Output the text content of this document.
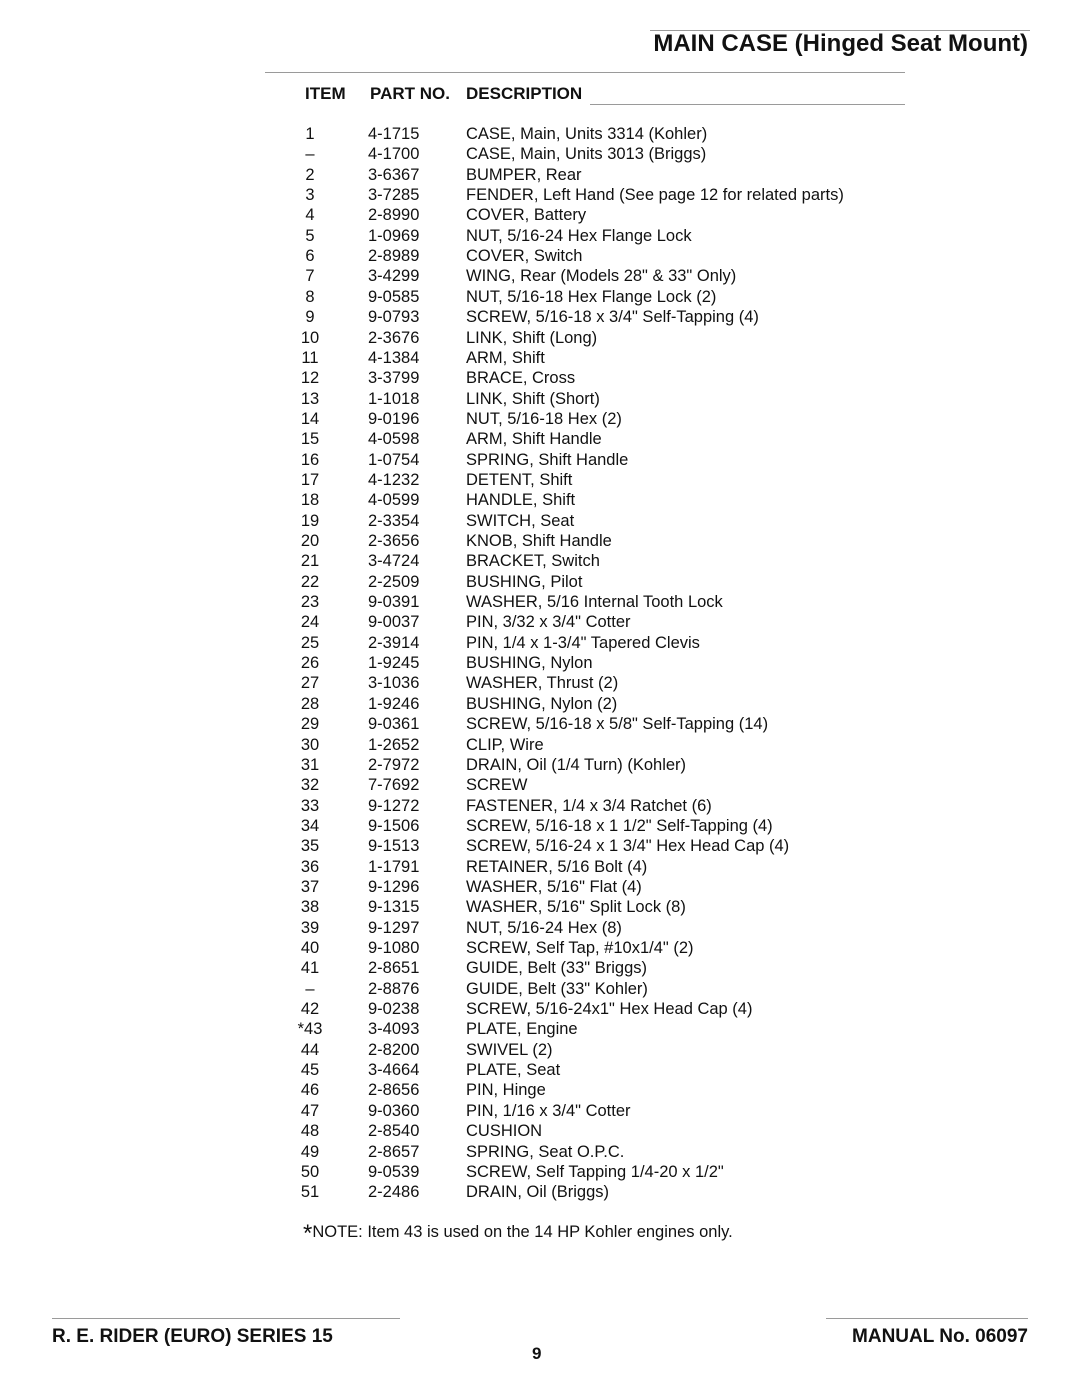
MAIN CASE (Hinged Seat Mount)
ITEM PART NO. DESCRIPTION
1	4-1715	CASE, Main, Units 3314 (Kohler)
–	4-1700	CASE, Main, Units 3013 (Briggs)
2	3-6367	BUMPER, Rear
3	3-7285	FENDER, Left Hand (See page 12 for related parts)
4	2-8990	COVER, Battery
5	1-0969	NUT, 5/16-24 Hex Flange Lock
6	2-8989	COVER, Switch
7	3-4299	WING, Rear (Models 28" & 33" Only)
8	9-0585	NUT, 5/16-18 Hex Flange Lock (2)
9	9-0793	SCREW, 5/16-18 x 3/4" Self-Tapping (4)
10	2-3676	LINK, Shift (Long)
11	4-1384	ARM, Shift
12	3-3799	BRACE, Cross
13	1-1018	LINK, Shift (Short)
14	9-0196	NUT, 5/16-18 Hex (2)
15	4-0598	ARM, Shift Handle
16	1-0754	SPRING, Shift Handle
17	4-1232	DETENT, Shift
18	4-0599	HANDLE, Shift
19	2-3354	SWITCH, Seat
20	2-3656	KNOB, Shift Handle
21	3-4724	BRACKET, Switch
22	2-2509	BUSHING, Pilot
23	9-0391	WASHER, 5/16 Internal Tooth Lock
24	9-0037	PIN, 3/32 x 3/4" Cotter
25	2-3914	PIN, 1/4 x 1-3/4" Tapered Clevis
26	1-9245	BUSHING, Nylon
27	3-1036	WASHER, Thrust (2)
28	1-9246	BUSHING, Nylon (2)
29	9-0361	SCREW, 5/16-18 x 5/8" Self-Tapping (14)
30	1-2652	CLIP, Wire
31	2-7972	DRAIN, Oil (1/4 Turn) (Kohler)
32	7-7692	SCREW
33	9-1272	FASTENER, 1/4 x 3/4 Ratchet (6)
34	9-1506	SCREW, 5/16-18 x 1 1/2" Self-Tapping (4)
35	9-1513	SCREW, 5/16-24 x 1 3/4" Hex Head Cap (4)
36	1-1791	RETAINER, 5/16 Bolt (4)
37	9-1296	WASHER, 5/16" Flat (4)
38	9-1315	WASHER, 5/16" Split Lock (8)
39	9-1297	NUT, 5/16-24 Hex (8)
40	9-1080	SCREW, Self Tap, #10x1/4" (2)
41	2-8651	GUIDE, Belt (33" Briggs)
–	2-8876	GUIDE, Belt (33" Kohler)
42	9-0238	SCREW, 5/16-24x1" Hex Head Cap (4)
*43	3-4093	PLATE, Engine
44	2-8200	SWIVEL (2)
45	3-4664	PLATE, Seat
46	2-8656	PIN, Hinge
47	9-0360	PIN, 1/16 x 3/4" Cotter
48	2-8540	CUSHION
49	2-8657	SPRING, Seat O.P.C.
50	9-0539	SCREW, Self Tapping 1/4-20 x 1/2"
51	2-2486	DRAIN, Oil (Briggs)
*NOTE: Item 43 is used on the 14 HP Kohler engines only.
R. E. RIDER (EURO) SERIES 15
9
MANUAL No. 06097
